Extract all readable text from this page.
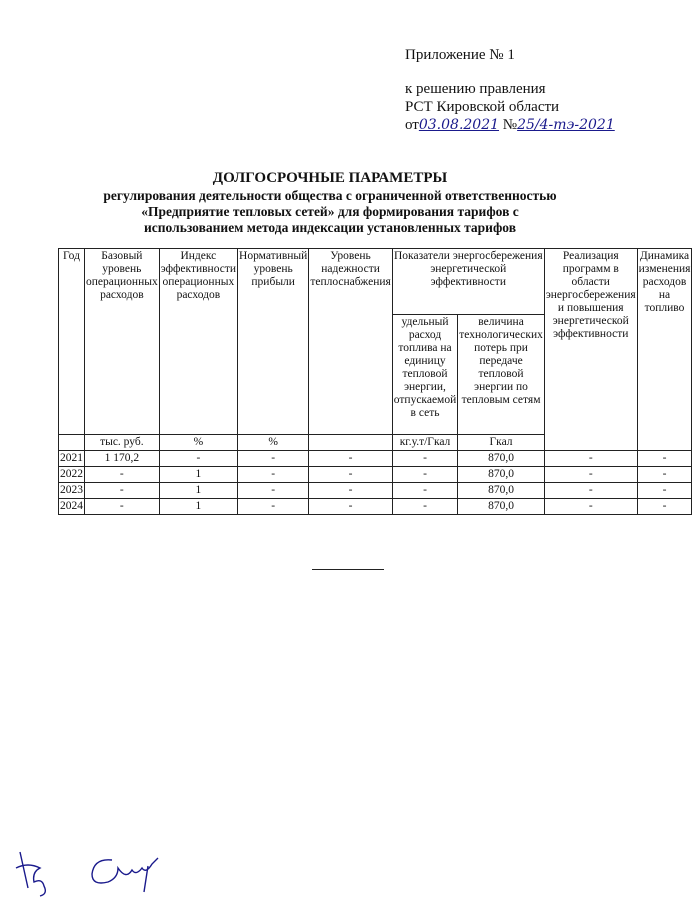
Приложение № 1
к решению правления
РСТ Кировской области
от03.08.2021 №25/4-тэ-2021
ДОЛГОСРОЧНЫЕ ПАРАМЕТРЫ
регулирования деятельности общества с ограниченной ответственностью
«Предприятие тепловых сетей» для формирования тарифов с
использованием метода индексации установленных тарифов
Год	Базовый уровень операционных расходов	Индекс эффективности операционных расходов	Нормативный уровень прибыли	Уровень надежности теплоснабжения	Показатели энергосбережения энергетической эффективности		Реализация программ в области энергосбережения и повышения энергетической эффективности	Динамика изменения расходов на топливо
					удельный расход топлива на единицу тепловой энергии, отпускаемой в сеть	величина технологических потерь при передаче тепловой энергии по тепловым сетям		
	тыс. руб.	%	%		кг.у.т/Гкал	Гкал		
2021	1 170,2	-	-	-	-	870,0	-	-
2022	-	1	-	-	-	870,0	-	-
2023	-	1	-	-	-	870,0	-	-
2024	-	1	-	-	-	870,0	-	-
